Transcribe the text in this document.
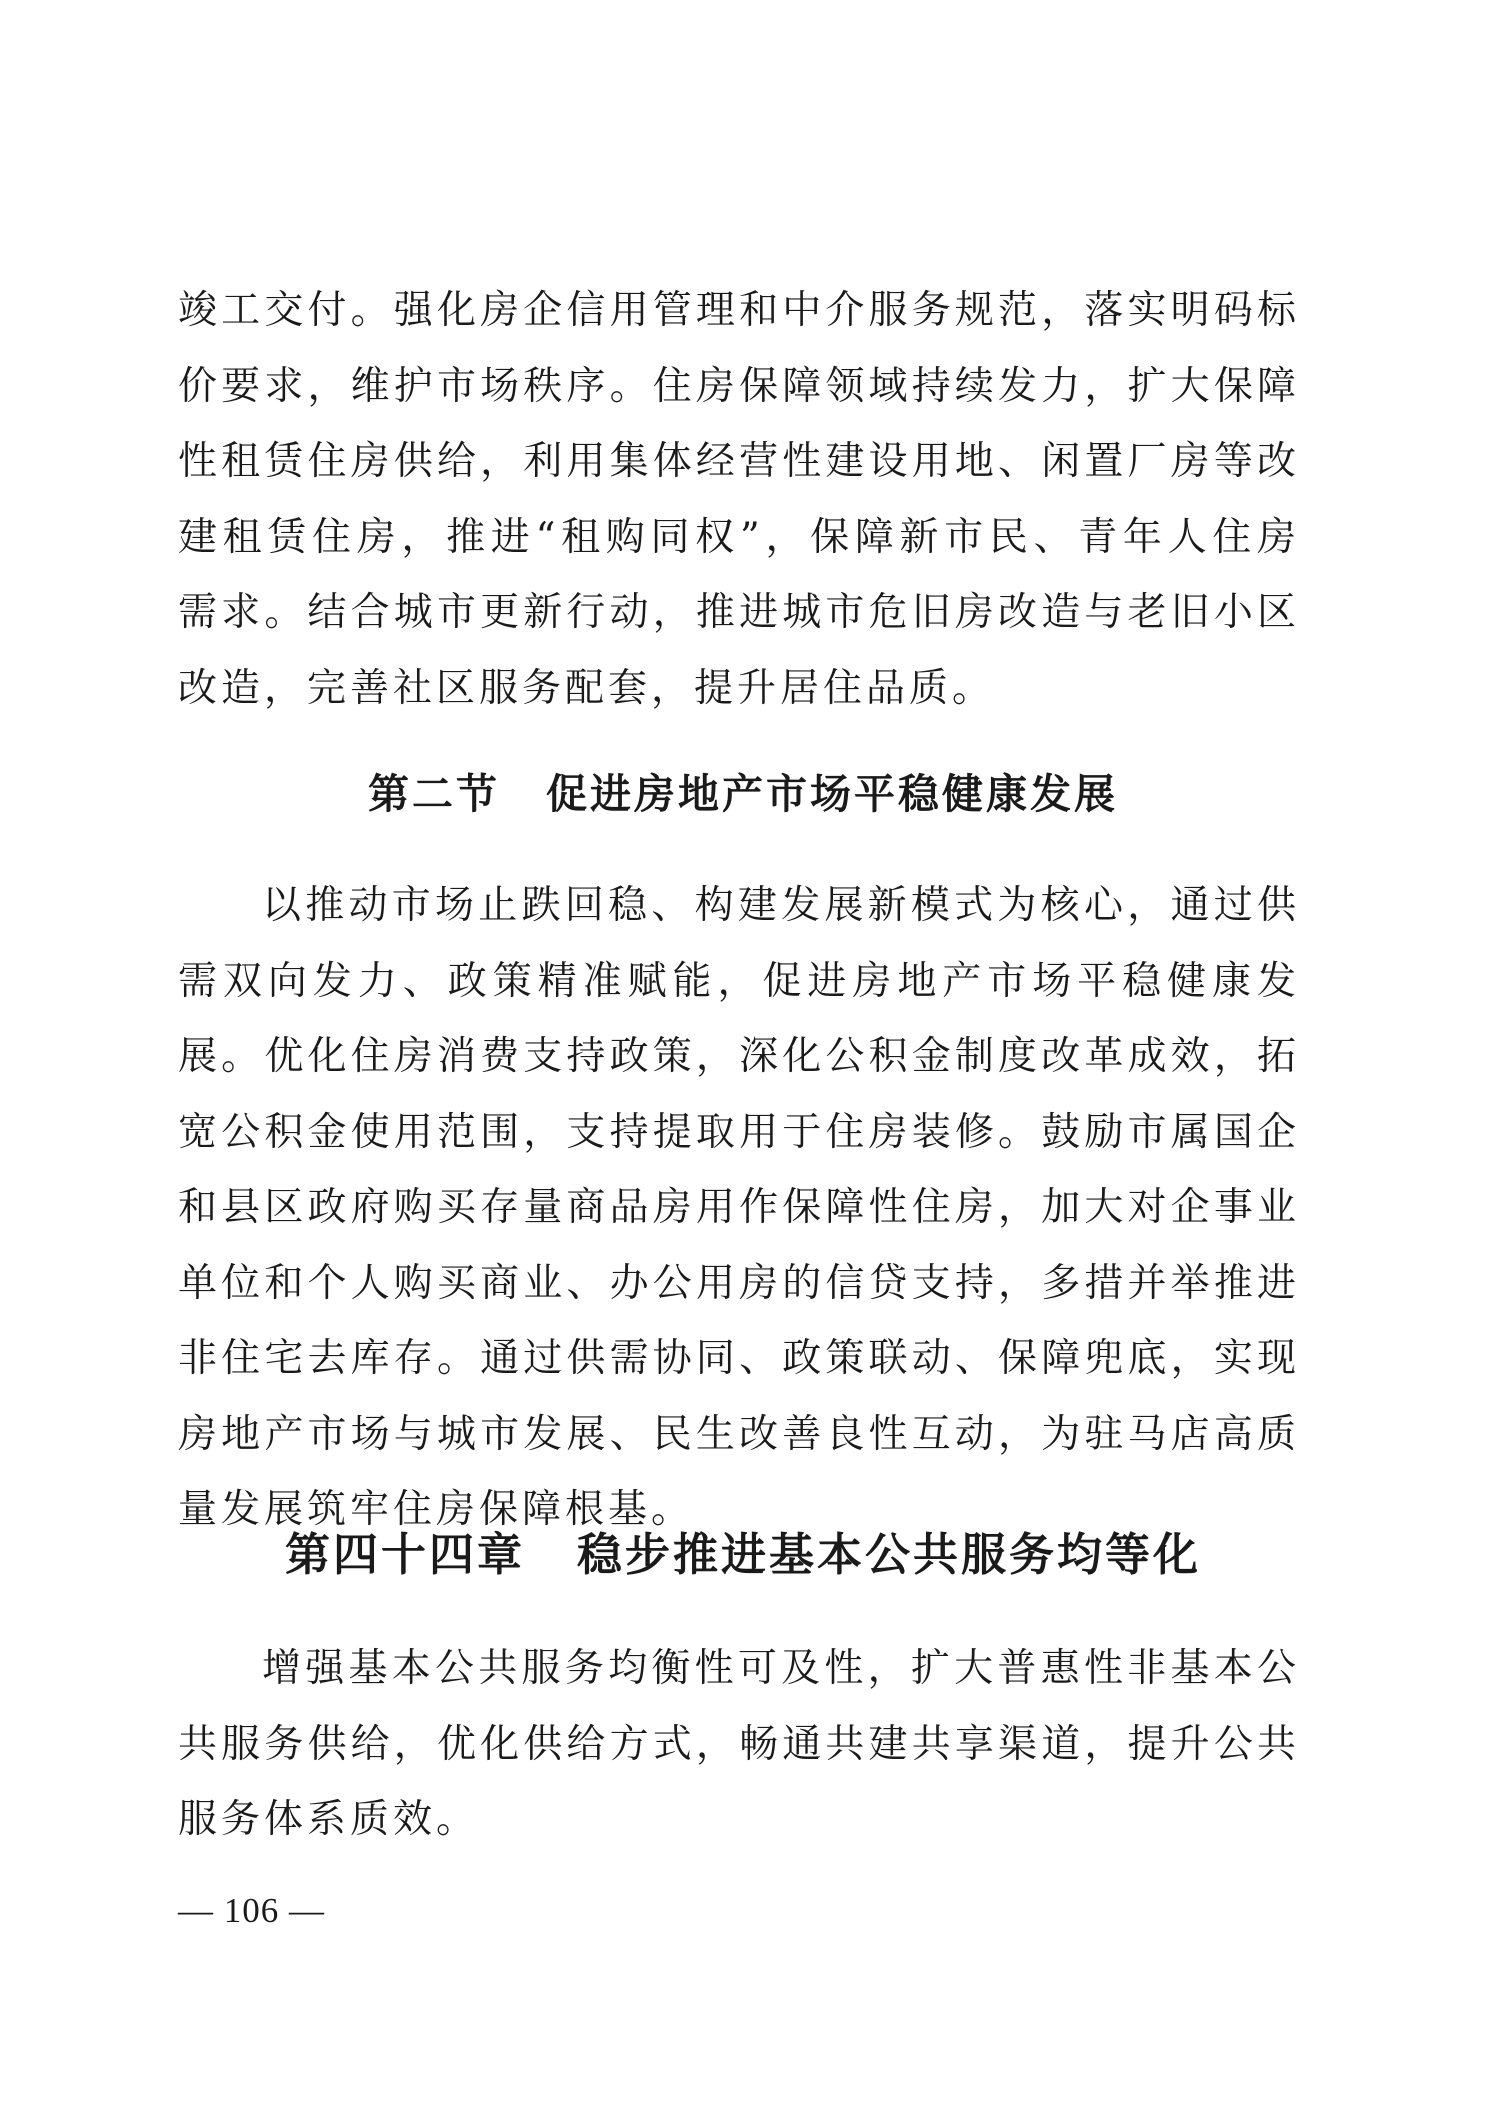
竣工交付。强化房企信用管理和中介服务规范，落实明码标价要求，维护市场秩序。住房保障领域持续发力，扩大保障性租赁住房供给，利用集体经营性建设用地、闲置厂房等改建租赁住房，推进“租购同权”，保障新市民、青年人住房需求。结合城市更新行动，推进城市危旧房改造与老旧小区改造，完善社区服务配套，提升居住品质。

第二节 促进房地产市场平稳健康发展

以推动市场止跌回稳、构建发展新模式为核心，通过供需双向发力、政策精准赋能，促进房地产市场平稳健康发展。优化住房消费支持政策，深化公积金制度改革成效，拓宽公积金使用范围，支持提取用于住房装修。鼓励市属国企和县区政府购买存量商品房用作保障性住房，加大对企事业单位和个人购买商业、办公用房的信贷支持，多措并举推进非住宅去库存。通过供需协同、政策联动、保障兜底，实现房地产市场与城市发展、民生改善良性互动，为驻马店高质量发展筑牢住房保障根基。

第四十四章 稳步推进基本公共服务均等化

增强基本公共服务均衡性可及性，扩大普惠性非基本公共服务供给，优化供给方式，畅通共建共享渠道，提升公共服务体系质效。

— 106 —
